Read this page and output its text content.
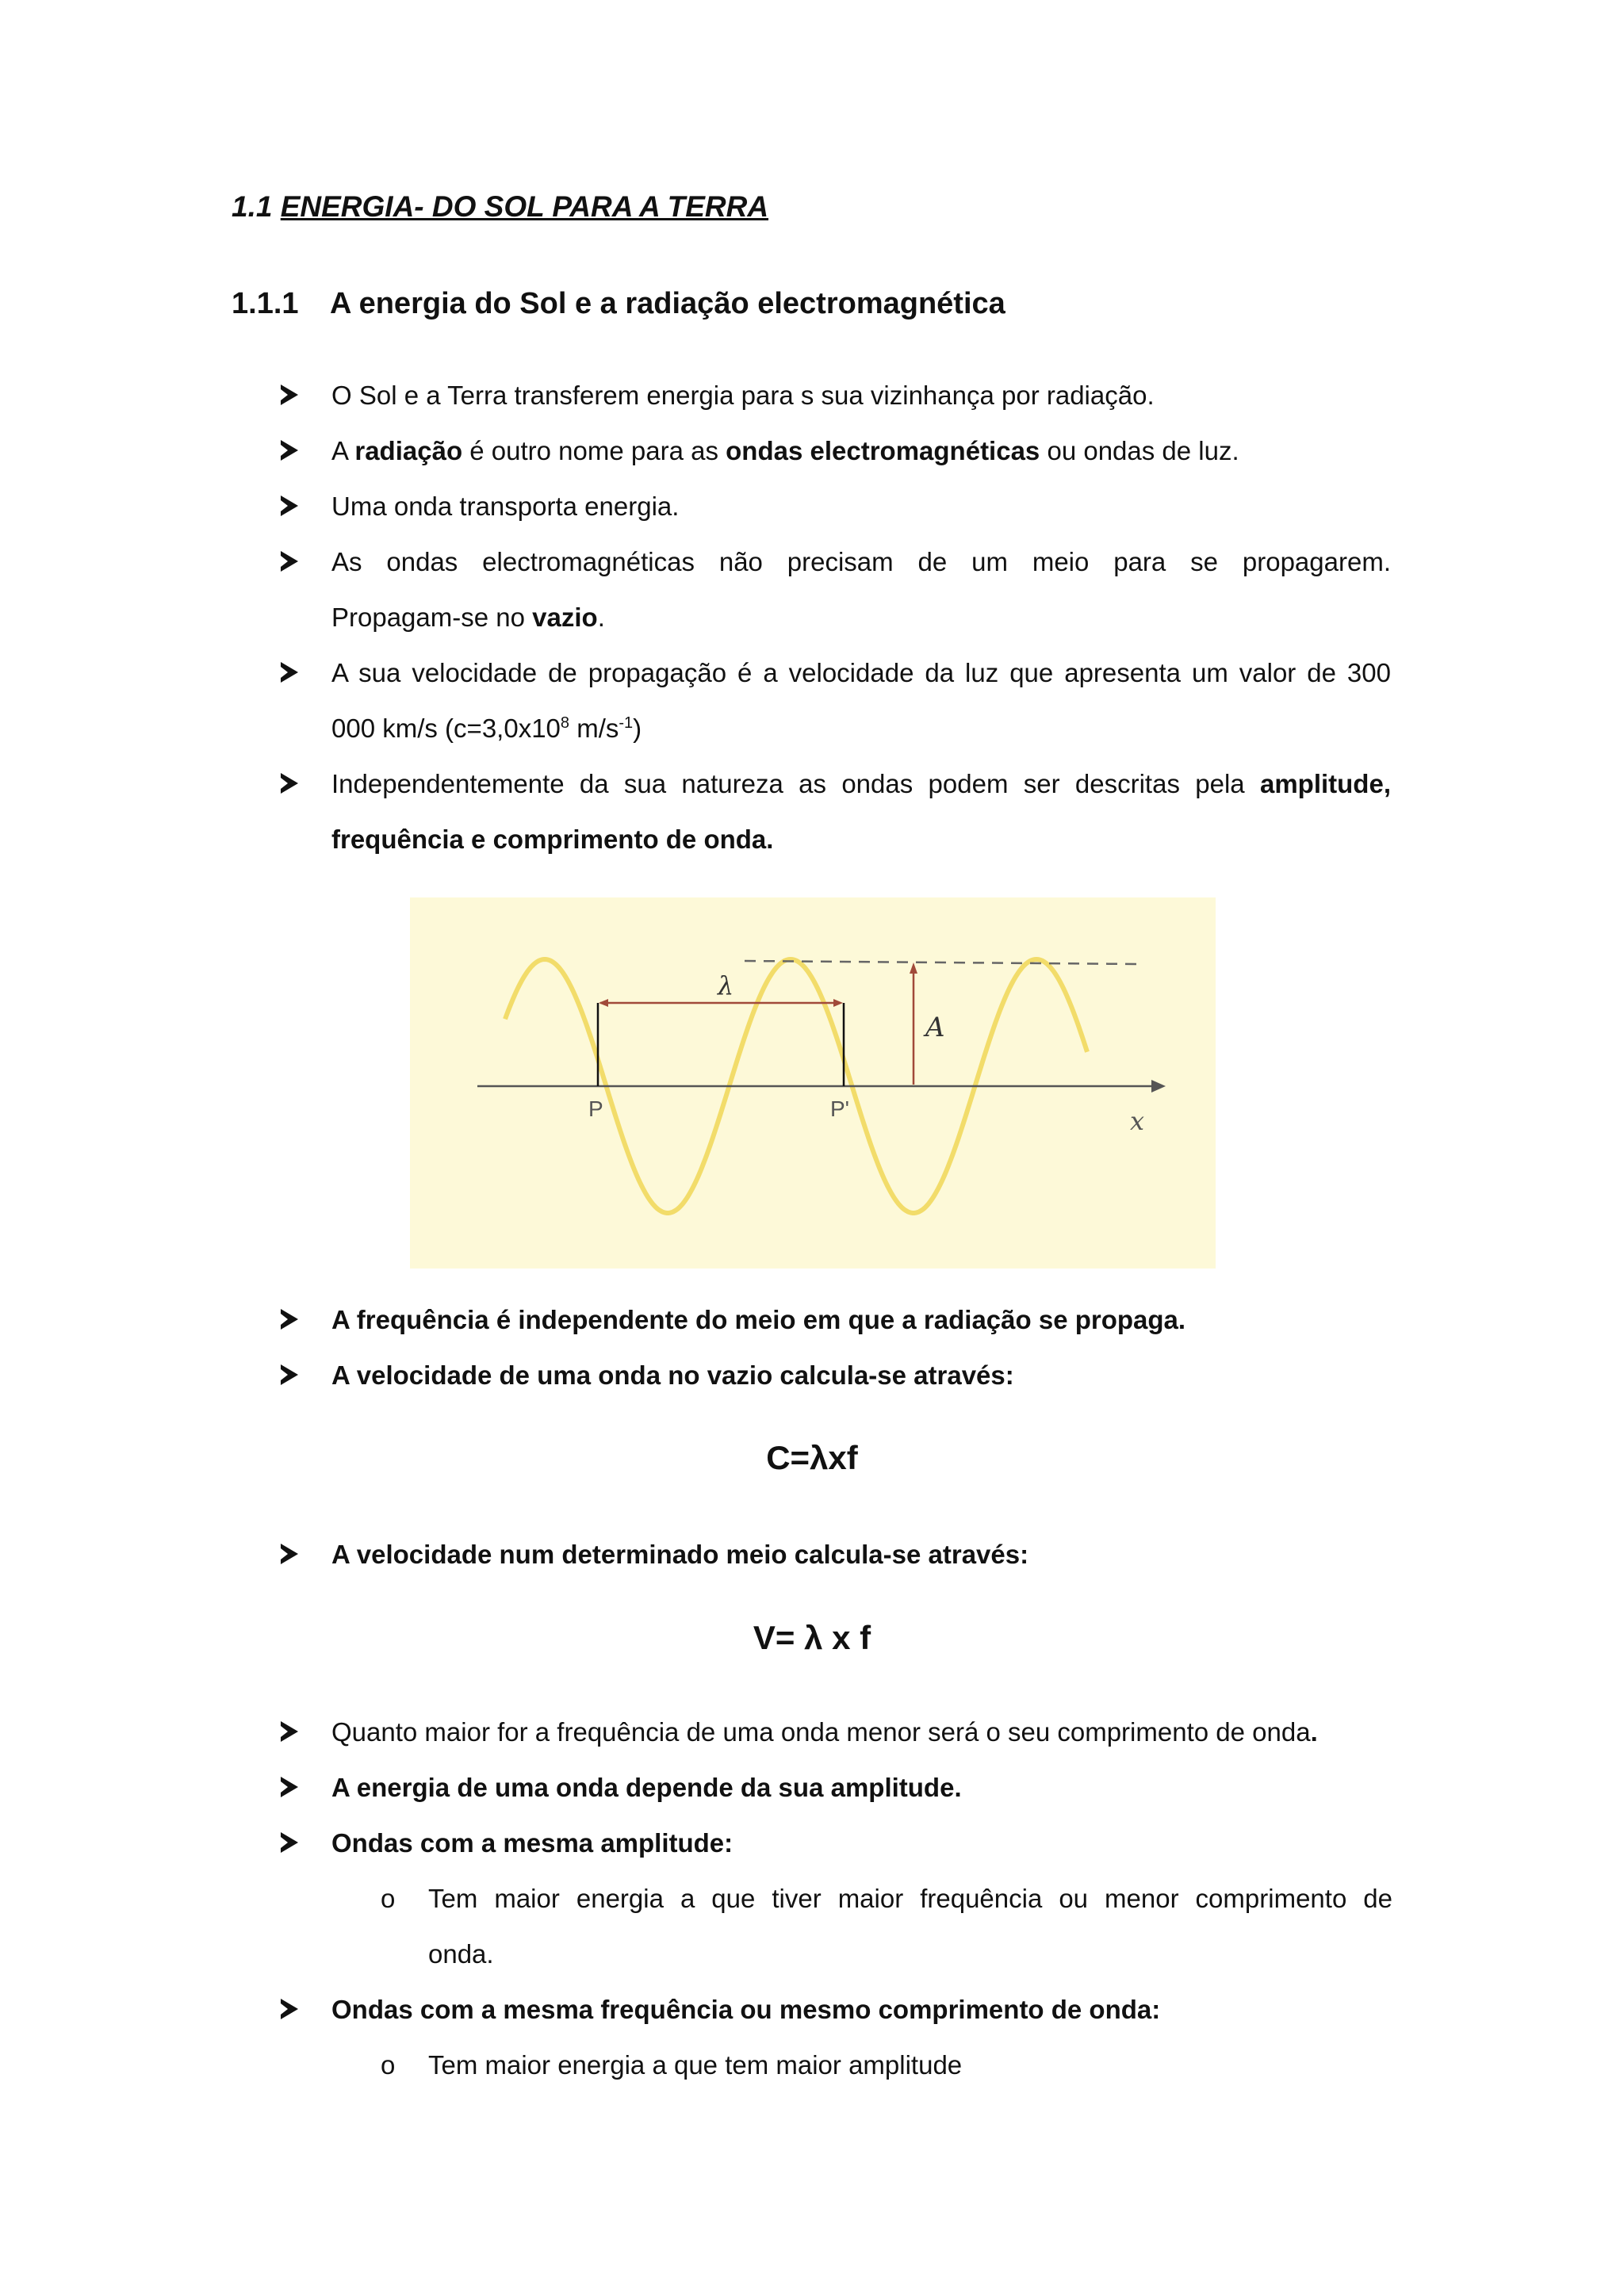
1.1 ENERGIA- DO SOL PARA A TERRA
1.1.1 A energia do Sol e a radiação electromagnética
O Sol e a Terra transferem energia para s sua vizinhança por radiação.
A radiação é outro nome para as ondas electromagnéticas ou ondas de luz.
Uma onda transporta energia.
As ondas electromagnéticas não precisam de um meio para se propagarem.
Propagam-se no vazio.
A sua velocidade de propagação é a velocidade da luz que apresenta um valor de 300
000 km/s ($c=3,0x10^8$ $m/s^{-1}$)
Independentemente da sua natureza as ondas podem ser descritas pela amplitude,
frequência e comprimento de onda.
λ
A
P	P'	x
A frequência é independente do meio em que a radiação se propaga.
A velocidade de uma onda no vazio calcula-se através:
C=λxf
A velocidade num determinado meio calcula-se através:
V= λ x f
Quanto maior for a frequência de uma onda menor será o seu comprimento de onda.
A energia de uma onda depende da sua amplitude.
Ondas com a mesma amplitude:
o Tem maior energia a que tiver maior frequência ou menor comprimento de
onda.
Ondas com a mesma frequência ou mesmo comprimento de onda:
o Tem maior energia a que tem maior amplitude
